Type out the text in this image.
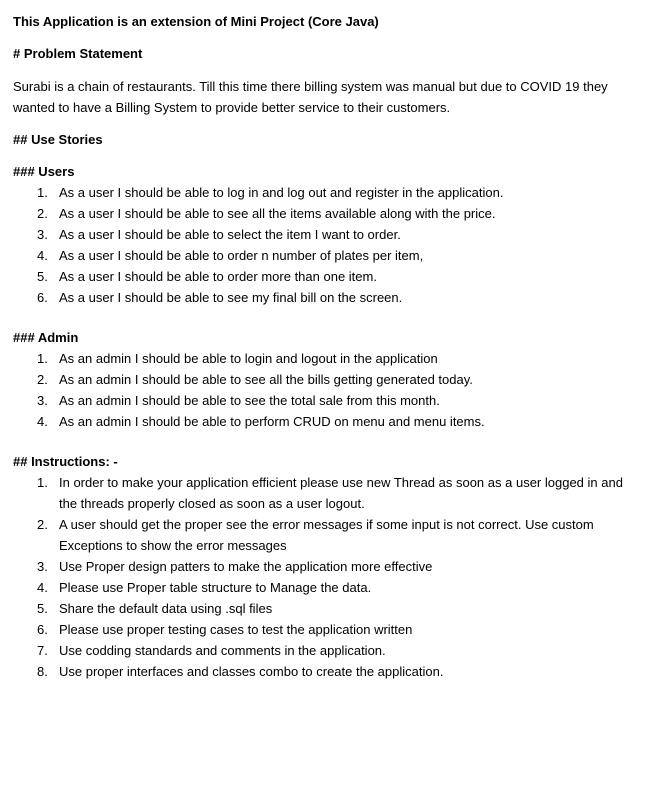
This Application is an extension of Mini Project (Core Java)

# Problem Statement

Surabi is a chain of restaurants. Till this time there billing system was manual but due to COVID 19 they wanted to have a Billing System to provide better service to their customers.

## Use Stories

### Users

1. As a user I should be able to log in and log out and register in the application.
2. As a user I should be able to see all the items available along with the price.
3. As a user I should be able to select the item I want to order.
4. As a user I should be able to order n number of plates per item,
5. As a user I should be able to order more than one item.
6. As a user I should be able to see my final bill on the screen.

### Admin

1. As an admin I should be able to login and logout in the application
2. As an admin I should be able to see all the bills getting generated today.
3. As an admin I should be able to see the total sale from this month.
4. As an admin I should be able to perform CRUD on menu and menu items.

## Instructions: -

1. In order to make your application efficient please use new Thread as soon as a user logged in and the threads properly closed as soon as a user logout.
2. A user should get the proper see the error messages if some input is not correct. Use custom Exceptions to show the error messages
3. Use Proper design patters to make the application more effective
4. Please use Proper table structure to Manage the data.
5. Share the default data using .sql files
6. Please use proper testing cases to test the application written
7. Use codding standards and comments in the application.
8. Use proper interfaces and classes combo to create the application.
